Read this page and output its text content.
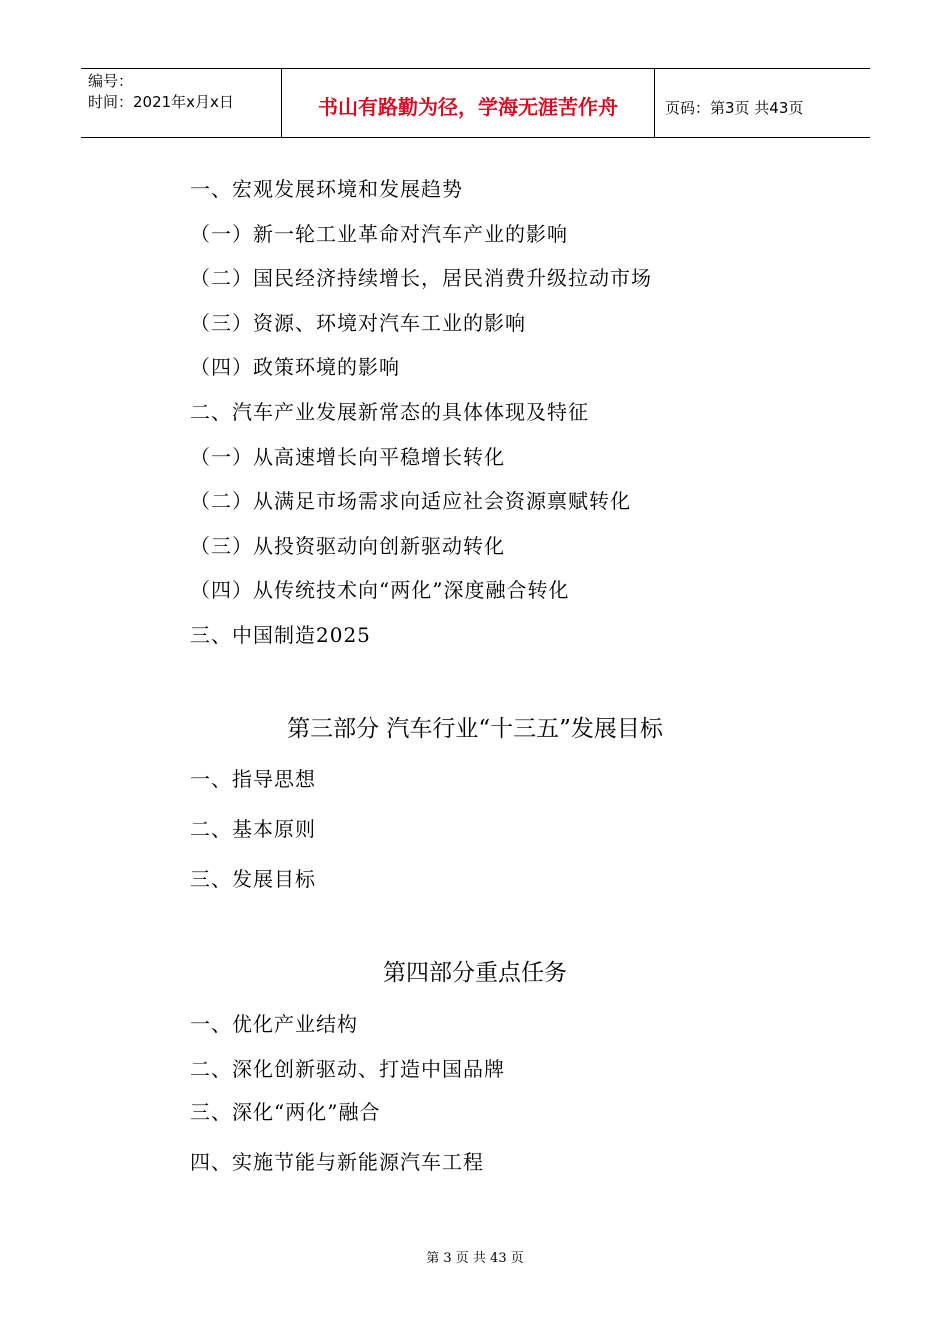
编号：
时间：2021年x月x日	书山有路勤为径，学海无涯苦作舟	页码：第3页 共43页
一、宏观发展环境和发展趋势
（一）新一轮工业革命对汽车产业的影响
（二）国民经济持续增长，居民消费升级拉动市场
（三）资源、环境对汽车工业的影响
（四）政策环境的影响
二、汽车产业发展新常态的具体体现及特征
（一）从高速增长向平稳增长转化
（二）从满足市场需求向适应社会资源禀赋转化
（三）从投资驱动向创新驱动转化
（四）从传统技术向“两化”深度融合转化
三、中国制造2025
第三部分 汽车行业“十三五”发展目标
一、指导思想
二、基本原则
三、发展目标
第四部分重点任务
一、优化产业结构
二、深化创新驱动、打造中国品牌
三、深化“两化”融合
四、实施节能与新能源汽车工程
第 3 页 共 43 页
